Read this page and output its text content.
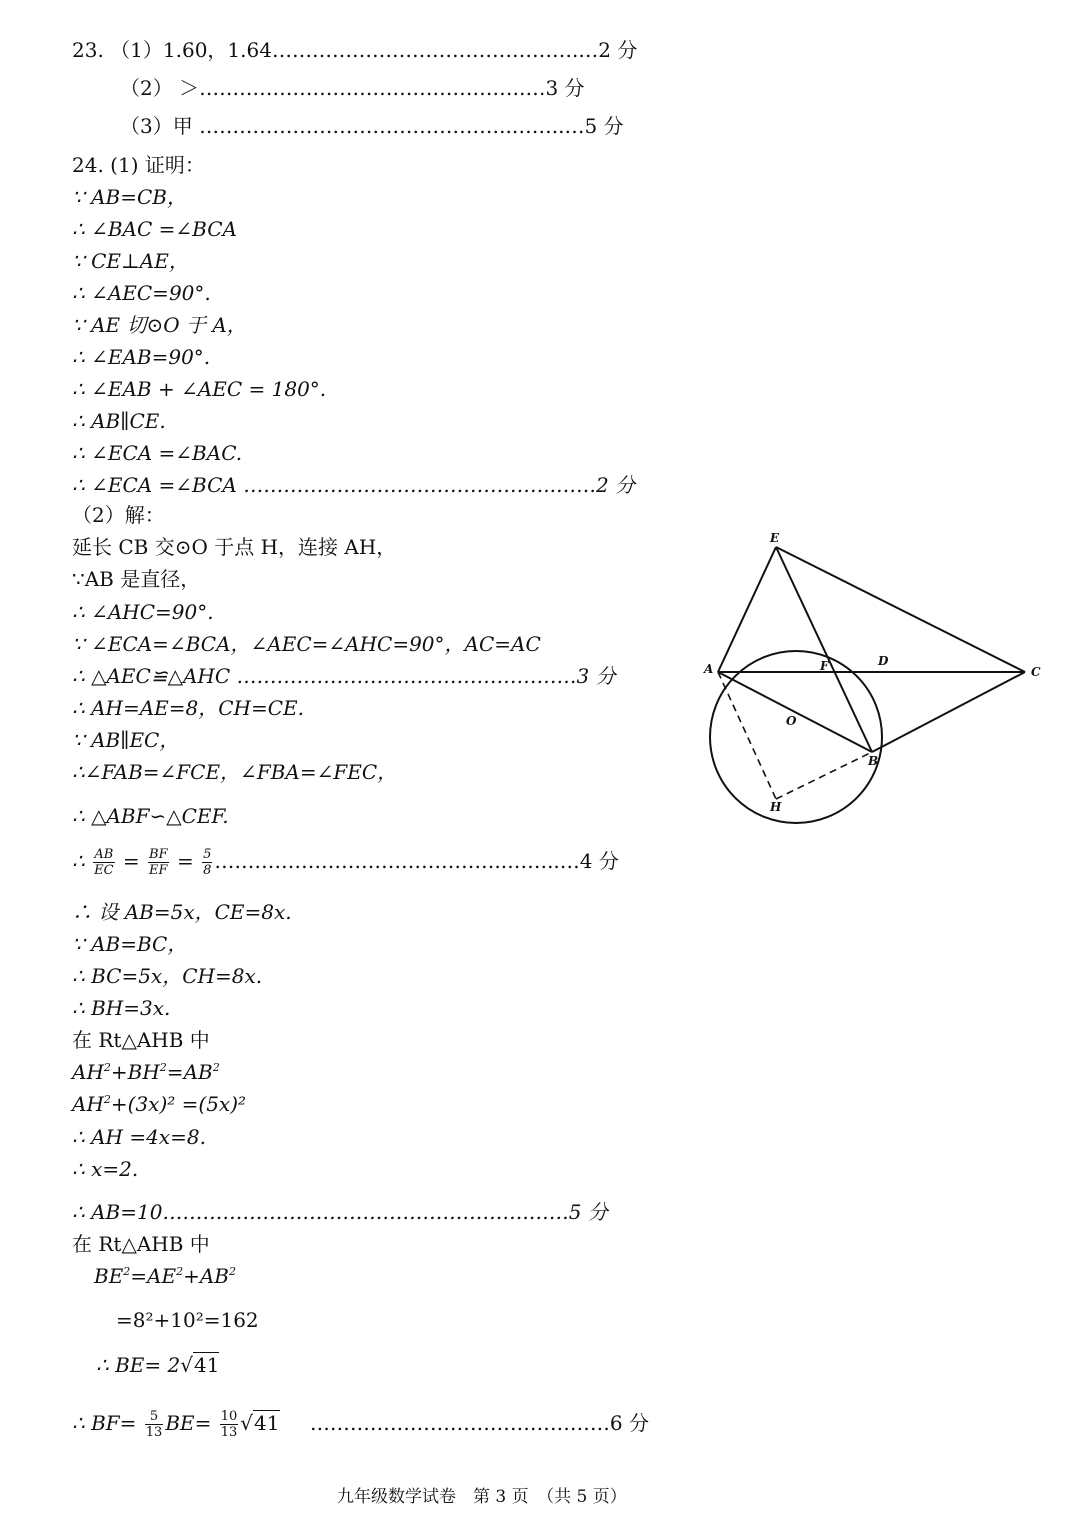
23. （1）1.60，1.64……………………………………….…2 分
（2） ＞………………………………………….…3 分
（3）甲 ………………………………………..……..…5 分
24. (1) 证明：
∵ AB=CB，
∴ ∠BAC =∠BCA
∵ CE⊥AE，
∴ ∠AEC=90°.
∵ AE 切⊙O 于 A，
∴ ∠EAB=90°.
∴ ∠EAB + ∠AEC = 180°.
∴ AB∥CE.
∴ ∠ECA =∠BAC.
∴ ∠ECA =∠BCA ………………………………………..……2 分
（2）解：
延长 CB 交⊙O 于点 H，连接 AH，
∵AB 是直径，
∴ ∠AHC=90°.
∵ ∠ECA=∠BCA，∠AEC=∠AHC=90°，AC=AC
∴ △AEC≌△AHC ……………………………………………3 分
∴ AH=AE=8，CH=CE.
∵ AB∥EC，
∴∠FAB=∠FCE，∠FBA=∠FEC，
∴ △ABF∽△CEF.
∴ $\frac{AB}{EC} = \frac{BF}{EF} = \frac{5}{8}$ ……………………………………..……..…4 分
∴ 设 AB=5x，CE=8x.
∵ AB=BC，
∴ BC=5x，CH=8x.
∴ BH=3x.
在 Rt△AHB 中
$AH^2+BH^2=AB^2$
$AH^2+(3x)^2 =(5x)^2$
∴ AH =4x=8.
∴ x=2.
∴ AB=10……………………………………………….……5 分
在 Rt△AHB 中
$BE^2=AE^2+AB^2$
=8²+10²=162
∴ BE= 2√41
∴ $BF= \frac{5}{13} BE= \frac{10}{13} √41$ ………………………………………6 分
E
A	F	D
C
O
B
H
九年级数学试卷　第 3 页　（共 5 页）
